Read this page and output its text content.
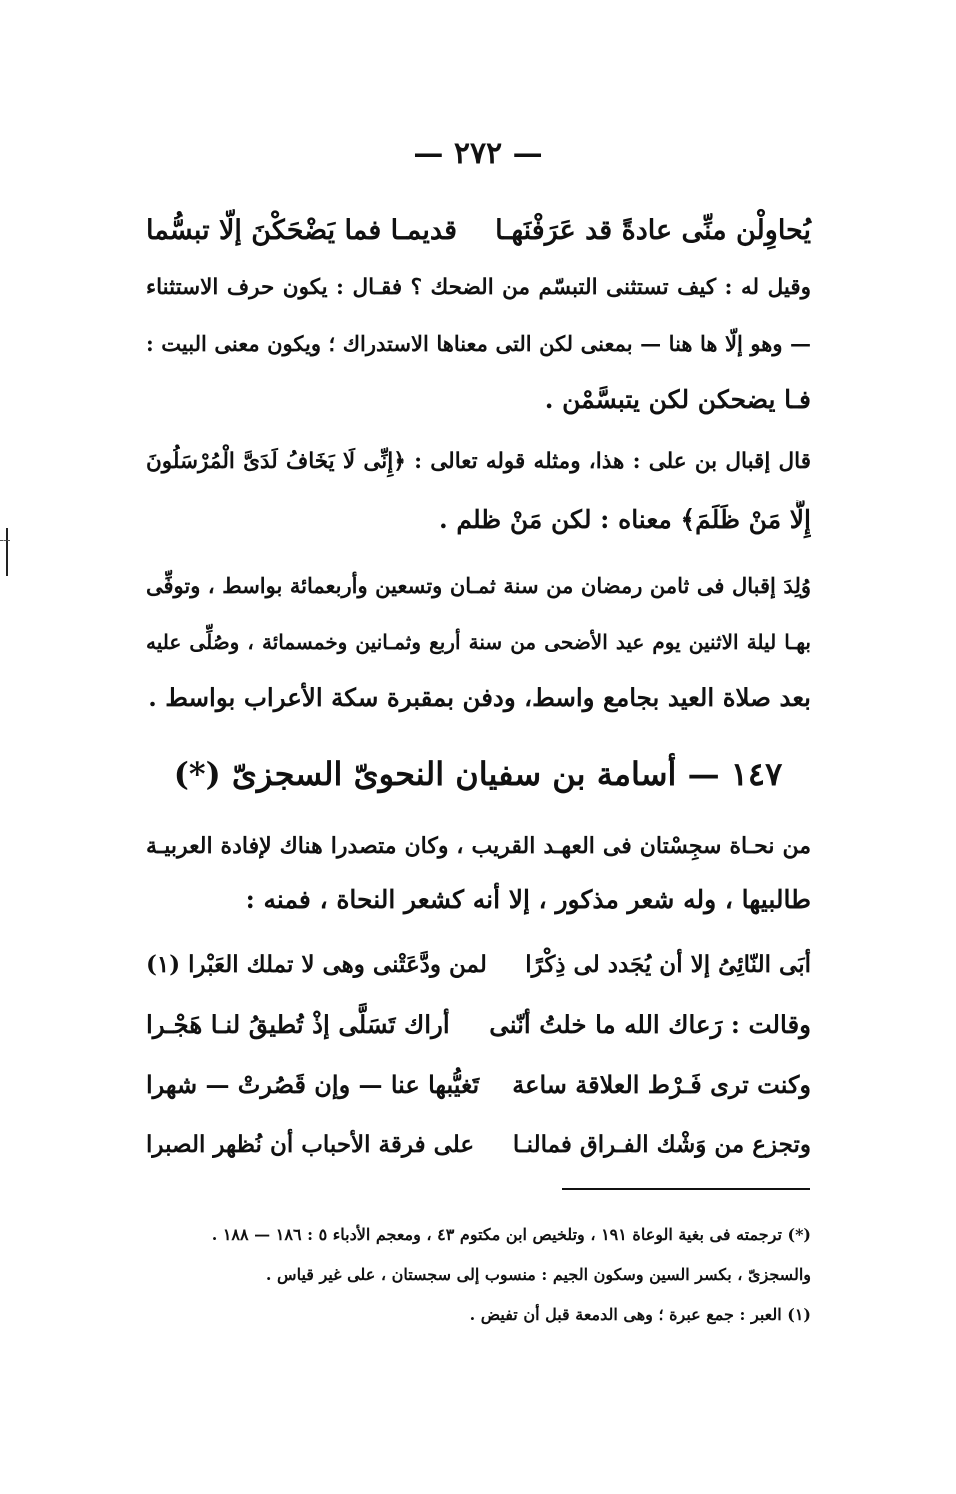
— ٢٧٢ —
يُحاوِلْن منِّى عادةً قد عَرَفْنَهـا
قديمـا فما يَضْحَكْنَ إلّا تبسُّما
وقيل له : كيف تستثنى التبسّم من الضحك ؟ فقـال : يكون حرف الاستثناء
— وهو إلّا ها هنا — بمعنى لكن التى معناها الاستدراك ؛ ويكون معنى البيت :
فـا يضحكن لكن يتبسَّمْن .
قال إقبال بن على : هذا، ومثله قوله تعالى : ﴿إِنِّى لَا يَخَافُ لَدَىَّ الْمُرْسَلُونَ
إِلَّا مَنْ ظَلَمَ﴾ معناه : لكن مَنْ ظلم .
وُلِدَ إقبال فى ثامن رمضان من سنة ثمـان وتسعين وأربعمائة بواسط ، وتوفِّى
بهـا ليلة الاثنين يوم عيد الأضحى من سنة أربع وثمـانين وخمسمائة ، وصُلِّى عليه
بعد صلاة العيد بجامع واسط، ودفن بمقبرة سكة الأعراب بواسط .
١٤٧ — أسامة بن سفيان النحوىّ السجزىّ (*)
من نحـاة سجِسْتان فى العهـد القريب ، وكان متصدرا هناك لإفادة العربيـة
طالبيها ، وله شعر مذكور ، إلا أنه كشعر النحاة ، فمنه :
أبَى النّائِىُ إلا أن يُجَدد لى ذِكْرًا
لمن ودَّعَتْنى وهى لا تملك العَبْرا (١)
وقالت : رَعاك الله ما خلتُ أنّنى
أراك تَسَلَّى إذْ تُطيقُ لنـا هَجْـرا
وكنت ترى فَـرْط العلاقة ساعة
تَغيُّبها عنا — وإن قَصُرتْ — شهرا
وتجزع من وَشْك الفـراق فمالنـا
على فرقة الأحباب أن نُظهر الصبرا
(*) ترجمته فى بغية الوعاة ١٩١ ، وتلخيص ابن مكتوم ٤٣ ، ومعجم الأدباء ٥ : ١٨٦ — ١٨٨ .
والسجزىّ ، بكسر السين وسكون الجيم : منسوب إلى سجستان ، على غير قياس .
(١) العبر : جمع عبرة ؛ وهى الدمعة قبل أن تفيض .
